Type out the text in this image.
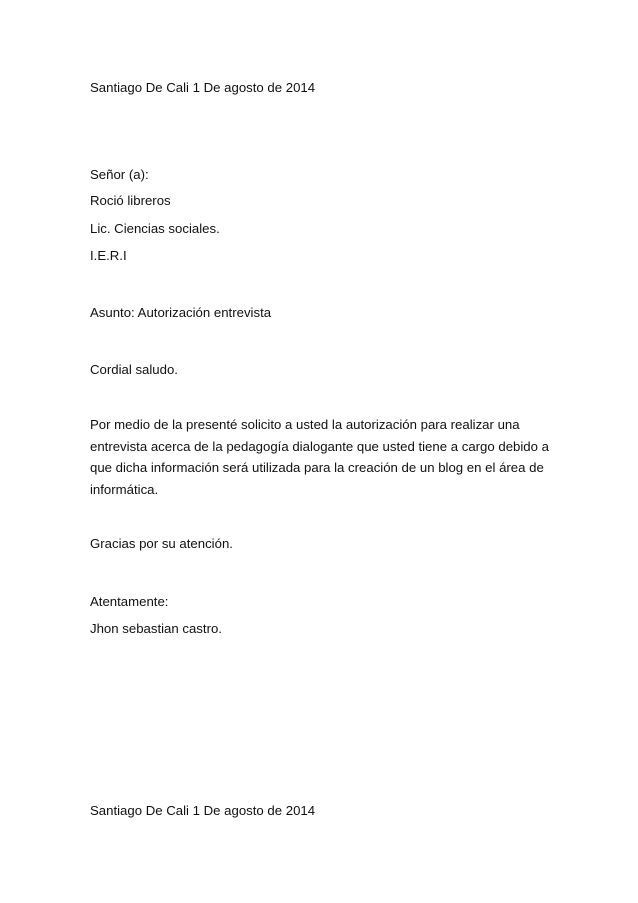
Santiago De Cali 1 De agosto de 2014
Señor (a):
Roció libreros
Lic. Ciencias sociales.
I.E.R.I
Asunto: Autorización entrevista
Cordial saludo.

Por medio de la presenté solicito a usted la autorización para realizar una entrevista acerca de la pedagogía dialogante que usted tiene a cargo debido a que dicha información será utilizada para la creación de un blog en el área de informática.

Gracias por su atención.
Atentamente:
Jhon sebastian castro.
Santiago De Cali 1 De agosto de 2014
